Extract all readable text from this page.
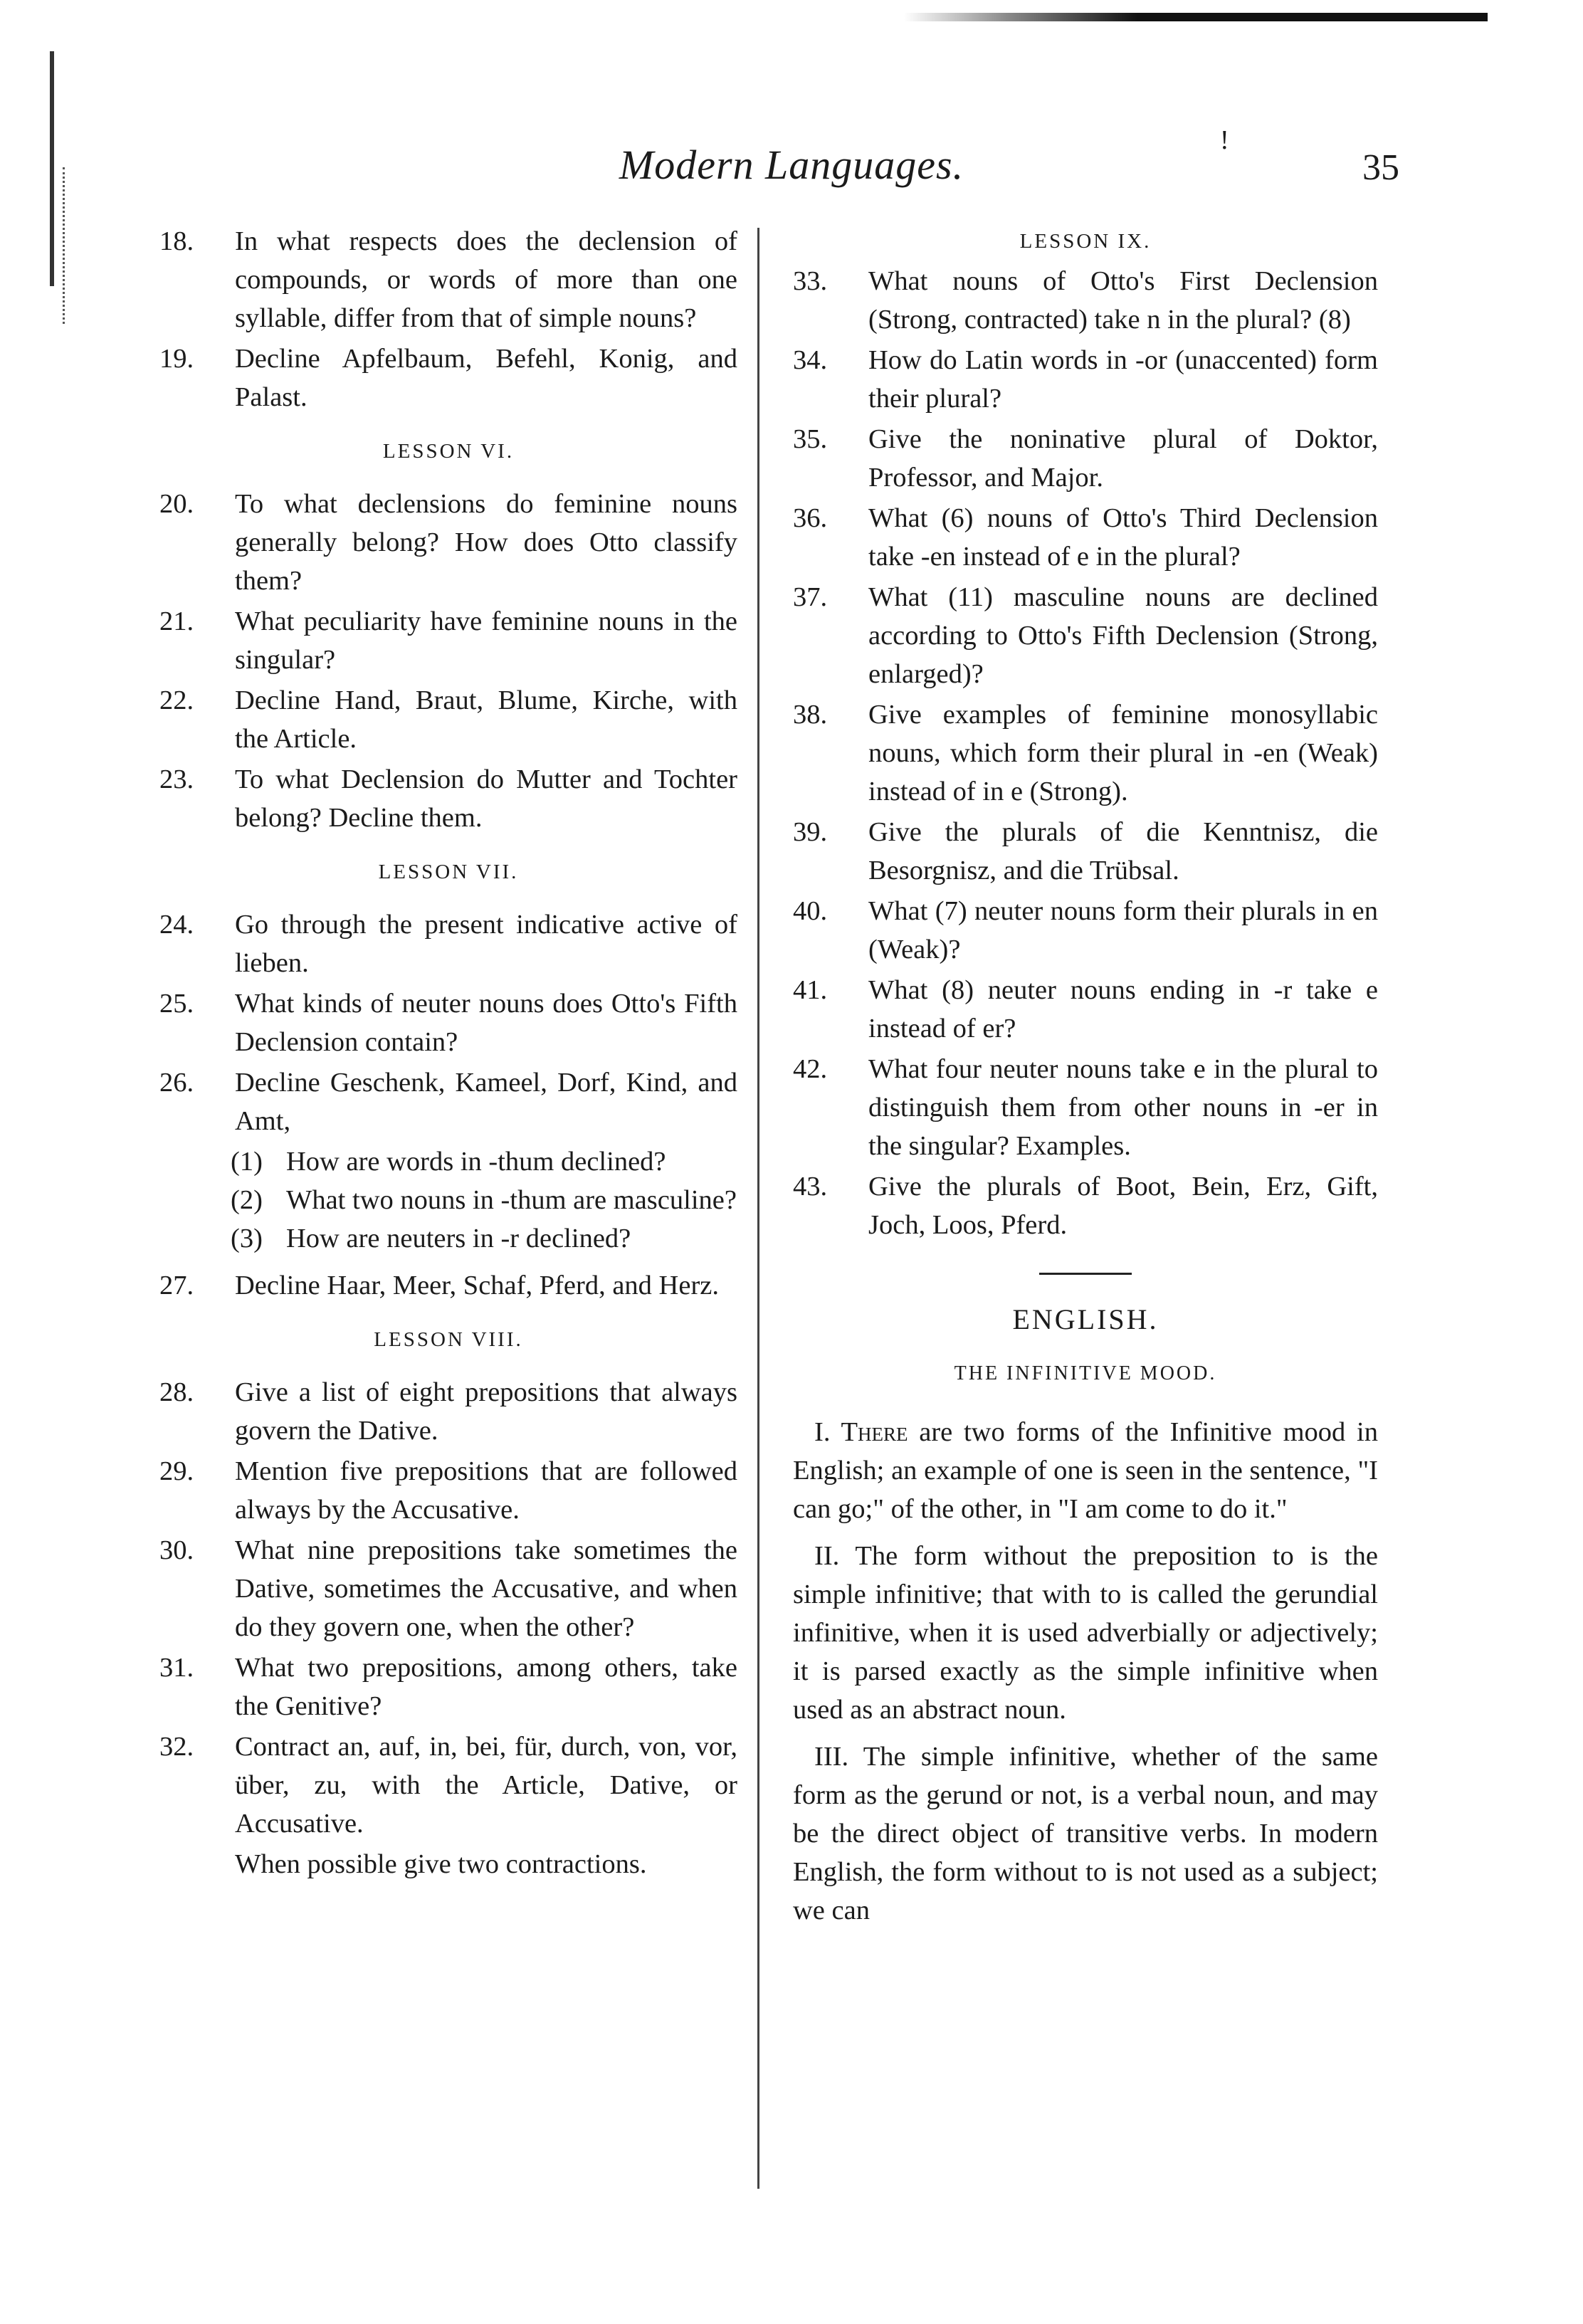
Modern Languages.
!
35
18.	In what respects does the declension of compounds, or words of more than one syllable, differ from that of simple nouns?
19.	Decline Apfelbaum, Befehl, Konig, and Palast.
LESSON VI.
20.	To what declensions do feminine nouns generally belong? How does Otto classify them?
21.	What peculiarity have feminine nouns in the singular?
22.	Decline Hand, Braut, Blume, Kirche, with the Article.
23.	To what Declension do Mutter and Tochter belong? Decline them.
LESSON VII.
24.	Go through the present indicative active of lieben.
25.	What kinds of neuter nouns does Otto's Fifth Declension contain?
26.	Decline Geschenk, Kameel, Dorf, Kind, and Amt,
(1) How are words in -thum declined?
(2) What two nouns in -thum are masculine?
(3) How are neuters in -r declined?
27.	Decline Haar, Meer, Schaf, Pferd, and Herz.
LESSON VIII.
28.	Give a list of eight prepositions that always govern the Dative.
29.	Mention five prepositions that are followed always by the Accusative.
30.	What nine prepositions take sometimes the Dative, sometimes the Accusative, and when do they govern one, when the other?
31.	What two prepositions, among others, take the Genitive?
32.	Contract an, auf, in, bei, für, durch, von, vor, über, zu, with the Article, Dative, or Accusative.
When possible give two contractions.
LESSON IX.
33.	What nouns of Otto's First Declension (Strong, contracted) take n in the plural? (8)
34.	How do Latin words in -or (unaccented) form their plural?
35.	Give the noninative plural of Doktor, Professor, and Major.
36.	What (6) nouns of Otto's Third Declension take -en instead of e in the plural?
37.	What (11) masculine nouns are declined according to Otto's Fifth Declension (Strong, enlarged)?
38.	Give examples of feminine monosyllabic nouns, which form their plural in -en (Weak) instead of in e (Strong).
39.	Give the plurals of die Kenntnisz, die Besorgnisz, and die Trübsal.
40.	What (7) neuter nouns form their plurals in en (Weak)?
41.	What (8) neuter nouns ending in -r take e instead of er?
42.	What four neuter nouns take e in the plural to distinguish them from other nouns in -er in the singular? Examples.
43.	Give the plurals of Boot, Bein, Erz, Gift, Joch, Loos, Pferd.
ENGLISH.
THE INFINITIVE MOOD.

I. There are two forms of the Infinitive mood in English; an example of one is seen in the sentence, "I can go;" of the other, in "I am come to do it."

II. The form without the preposition to is the simple infinitive; that with to is called the gerundial infinitive, when it is used adverbially or adjectively; it is parsed exactly as the simple infinitive when used as an abstract noun.

III. The simple infinitive, whether of the same form as the gerund or not, is a verbal noun, and may be the direct object of transitive verbs. In modern English, the form without to is not used as a subject; we can
